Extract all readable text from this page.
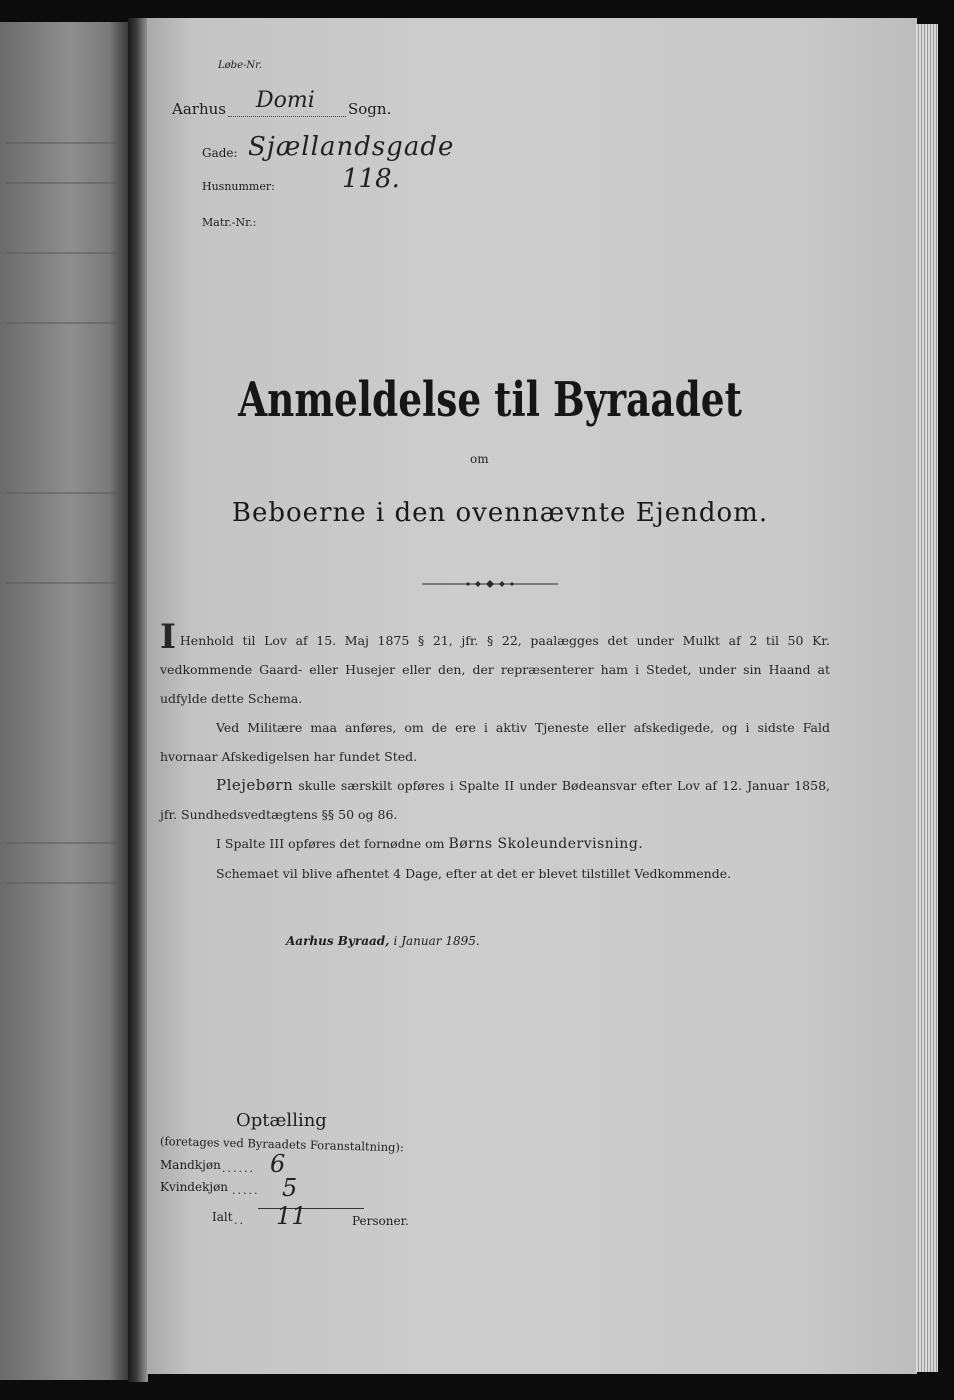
Løbe-Nr.
Aarhus Domi Sogn.
Gade: Sjællandsgade
Husnummer:	118.
Matr.-Nr.:
Anmeldelse til Byraadet
om
Beboerne i den ovennævnte Ejendom.

I Henhold til Lov af 15. Maj 1875 § 21, jfr. § 22, paalægges det under Mulkt af 2 til 50 Kr. vedkommende Gaard- eller Husejer eller den, der repræsenterer ham i Stedet, under sin Haand at udfylde dette Schema.

Ved Militære maa anføres, om de ere i aktiv Tjeneste eller afskedigede, og i sidste Fald hvornaar Afskedigelsen har fundet Sted.

Plejebørn skulle særskilt opføres i Spalte II under Bødeansvar efter Lov af 12. Januar 1858, jfr. Sundhedsvedtægtens §§ 50 og 86.

I Spalte III opføres det fornødne om Børns Skoleundervisning.

Schemaet vil blive afhentet 4 Dage, efter at det er blevet tilstillet Vedkommende.

Aarhus Byraad, i Januar 1895.
Optælling
(foretages ved Byraadets Foranstaltning):
Mandkjøn ...... 6
Kvindekjøn ..... 5
Ialt .. 11	Personer.
